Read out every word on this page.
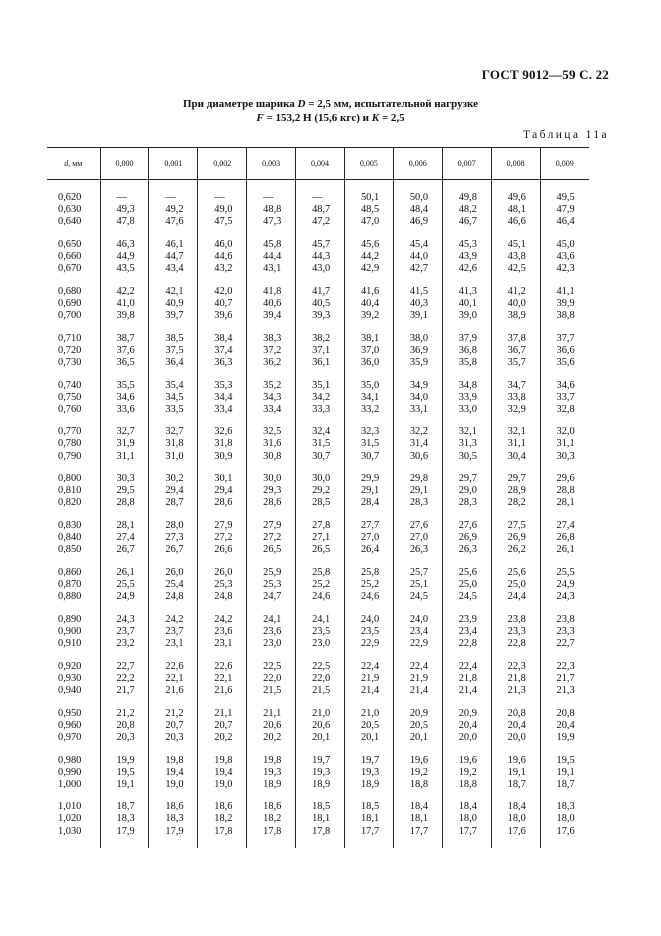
ГОСТ 9012—59 С. 22
При диаметре шарика D = 2,5 мм, испытательной нагрузке
F = 153,2 Н (15,6 кгс) и K = 2,5
Таблица 11а
d, мм	0,000	0,001	0,002	0,003	0,004	0,005	0,006	0,007	0,008	0,009

0,620	—	—	—	—	—	50,1	50,0	49,8	49,6	49,5
0,630	49,3	49,2	49,0	48,8	48,7	48,5	48,4	48,2	48,1	47,9
0,640	47,8	47,6	47,5	47,3	47,2	47,0	46,9	46,7	46,6	46,4

0,650	46,3	46,1	46,0	45,8	45,7	45,6	45,4	45,3	45,1	45,0
0,660	44,9	44,7	44,6	44,4	44,3	44,2	44,0	43,9	43,8	43,6
0,670	43,5	43,4	43,2	43,1	43,0	42,9	42,7	42,6	42,5	42,3

0,680	42,2	42,1	42,0	41,8	41,7	41,6	41,5	41,3	41,2	41,1
0,690	41,0	40,9	40,7	40,6	40,5	40,4	40,3	40,1	40,0	39,9
0,700	39,8	39,7	39,6	39,4	39,3	39,2	39,1	39,0	38,9	38,8

0,710	38,7	38,5	38,4	38,3	38,2	38,1	38,0	37,9	37,8	37,7
0,720	37,6	37,5	37,4	37,2	37,1	37,0	36,9	36,8	36,7	36,6
0,730	36,5	36,4	36,3	36,2	36,1	36,0	35,9	35,8	35,7	35,6

0,740	35,5	35,4	35,3	35,2	35,1	35,0	34,9	34,8	34,7	34,6
0,750	34,6	34,5	34,4	34,3	34,2	34,1	34,0	33,9	33,8	33,7
0,760	33,6	33,5	33,4	33,4	33,3	33,2	33,1	33,0	32,9	32,8

0,770	32,7	32,7	32,6	32,5	32,4	32,3	32,2	32,1	32,1	32,0
0,780	31,9	31,8	31,8	31,6	31,5	31,5	31,4	31,3	31,1	31,1
0,790	31,1	31,0	30,9	30,8	30,7	30,7	30,6	30,5	30,4	30,3

0,800	30,3	30,2	30,1	30,0	30,0	29,9	29,8	29,7	29,7	29,6
0,810	29,5	29,4	29,4	29,3	29,2	29,1	29,1	29,0	28,9	28,8
0,820	28,8	28,7	28,6	28,6	28,5	28,4	28,3	28,3	28,2	28,1

0,830	28,1	28,0	27,9	27,9	27,8	27,7	27,6	27,6	27,5	27,4
0,840	27,4	27,3	27,2	27,2	27,1	27,0	27,0	26,9	26,9	26,8
0,850	26,7	26,7	26,6	26,5	26,5	26,4	26,3	26,3	26,2	26,1

0,860	26,1	26,0	26,0	25,9	25,8	25,8	25,7	25,6	25,6	25,5
0,870	25,5	25,4	25,3	25,3	25,2	25,2	25,1	25,0	25,0	24,9
0,880	24,9	24,8	24,8	24,7	24,6	24,6	24,5	24,5	24,4	24,3

0,890	24,3	24,2	24,2	24,1	24,1	24,0	24,0	23,9	23,8	23,8
0,900	23,7	23,7	23,6	23,6	23,5	23,5	23,4	23,4	23,3	23,3
0,910	23,2	23,1	23,1	23,0	23,0	22,9	22,9	22,8	22,8	22,7

0,920	22,7	22,6	22,6	22,5	22,5	22,4	22,4	22,4	22,3	22,3
0,930	22,2	22,1	22,1	22,0	22,0	21,9	21,9	21,8	21,8	21,7
0,940	21,7	21,6	21,6	21,5	21,5	21,4	21,4	21,4	21,3	21,3

0,950	21,2	21,2	21,1	21,1	21,0	21,0	20,9	20,9	20,8	20,8
0,960	20,8	20,7	20,7	20,6	20,6	20,5	20,5	20,4	20,4	20,4
0,970	20,3	20,3	20,2	20,2	20,1	20,1	20,1	20,0	20,0	19,9

0,980	19,9	19,8	19,8	19,8	19,7	19,7	19,6	19,6	19,6	19,5
0,990	19,5	19,4	19,4	19,3	19,3	19,3	19,2	19,2	19,1	19,1
1,000	19,1	19,0	19,0	18,9	18,9	18,9	18,8	18,8	18,7	18,7

1,010	18,7	18,6	18,6	18,6	18,5	18,5	18,4	18,4	18,4	18,3
1,020	18,3	18,3	18,2	18,2	18,1	18,1	18,1	18,0	18,0	18,0
1,030	17,9	17,9	17,8	17,8	17,8	17,7	17,7	17,7	17,6	17,6
